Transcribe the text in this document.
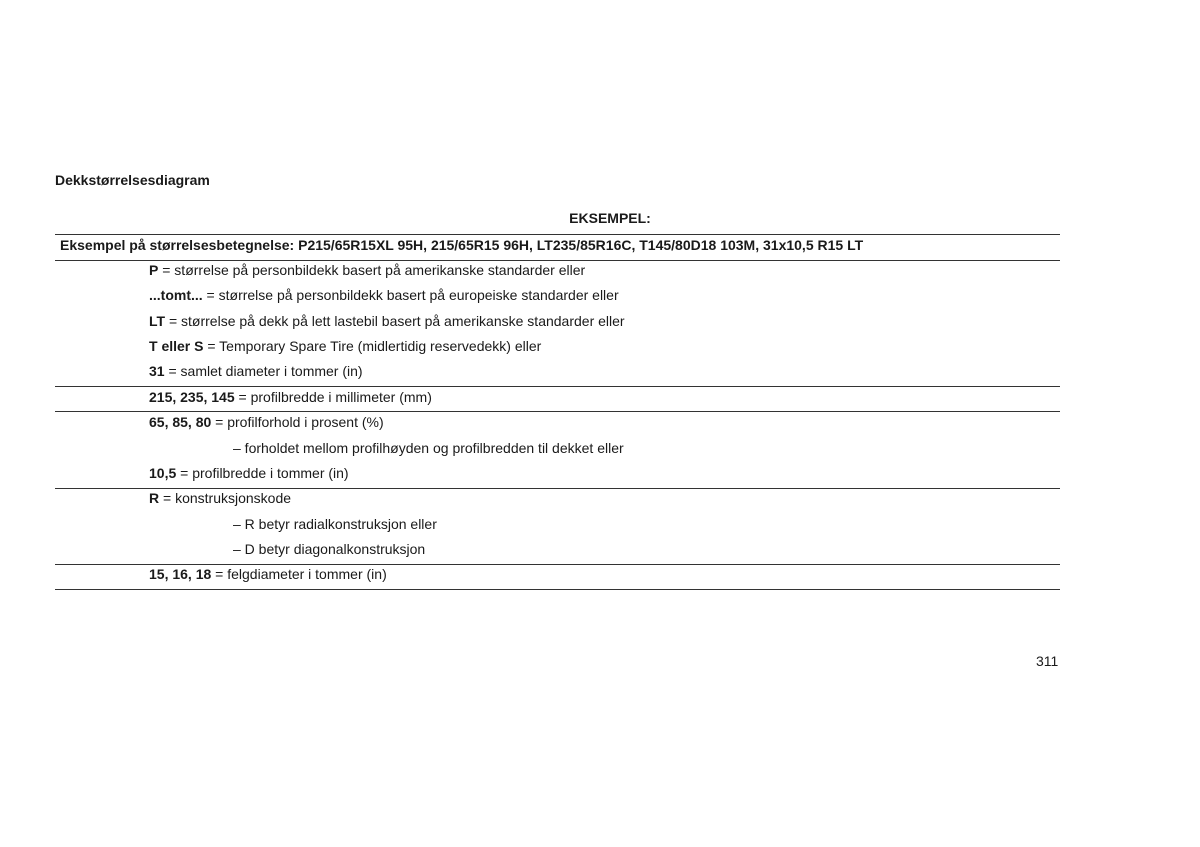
Dekkstørrelsesdiagram
EKSEMPEL:
Eksempel på størrelsesbetegnelse: P215/65R15XL 95H, 215/65R15 96H, LT235/85R16C, T145/80D18 103M, 31x10,5 R15 LT
P = størrelse på personbildekk basert på amerikanske standarder eller
...tomt... = størrelse på personbildekk basert på europeiske standarder eller
LT = størrelse på dekk på lett lastebil basert på amerikanske standarder eller
T eller S = Temporary Spare Tire (midlertidig reservedekk) eller
31 = samlet diameter i tommer (in)
215, 235, 145 = profilbredde i millimeter (mm)
65, 85, 80 = profilforhold i prosent (%)
– forholdet mellom profilhøyden og profilbredden til dekket eller
10,5 = profilbredde i tommer (in)
R = konstruksjonskode
– R betyr radialkonstruksjon eller
– D betyr diagonalkonstruksjon
15, 16, 18 = felgdiameter i tommer (in)
311
